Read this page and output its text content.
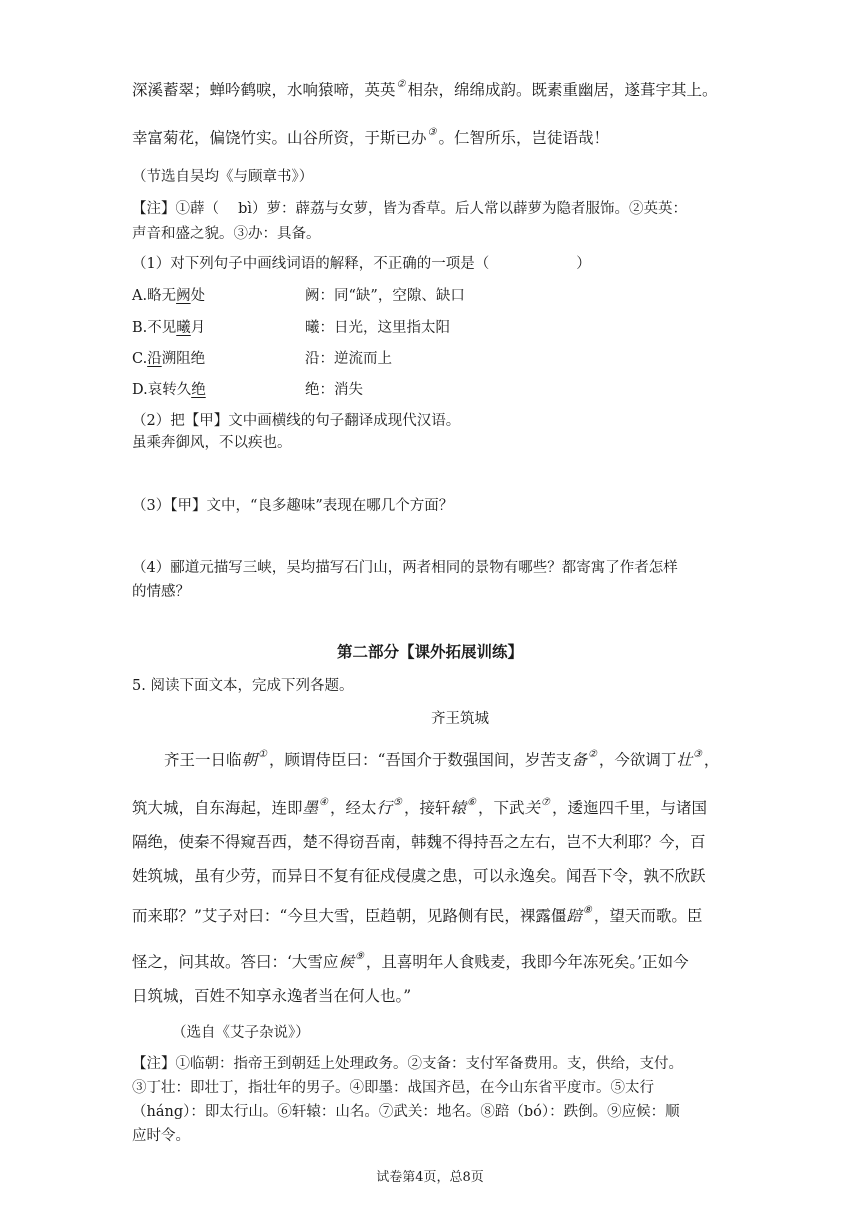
深溪蓄翠；蝉吟鹤唳，水响猿啼，英英② 相杂，绵绵成韵。既素重幽居，遂葺宇其上。
幸富菊花，偏饶竹实。山谷所资，于斯已办③ 。仁智所乐，岂徒语哉！
（节选自吴均《与顾章书》）
【注】①薜（　 bì）萝：薜荔与女萝，皆为香草。后人常以薜萝为隐者服饰。②英英：
声音和盛之貌。③办：具备。
（1）对下列句子中画线词语的解释，不正确的一项是（　　　　　　）
A.略无阙处	阙：同“缺”，空隙、缺口
B.不见曦月	曦：日光，这里指太阳
C.沿溯阻绝	沿：逆流而上
D.哀转久绝	绝：消失
（2）把【甲】文中画横线的句子翻译成现代汉语。
虽乘奔御风，不以疾也。
（3）【甲】文中，“良多趣味”表现在哪几个方面？
（4）郦道元描写三峡，吴均描写石门山，两者相同的景物有哪些？都寄寓了作者怎样
的情感？
第二部分【课外拓展训练】
5. 阅读下面文本，完成下列各题。
齐王筑城
齐王一日临朝① ，顾谓侍臣曰：“吾国介于数强国间，岁苦支备② ，今欲调丁壮③ ，
筑大城，自东海起，连即墨④ ，经太行⑤ ，接轩辕⑥ ，下武关⑦ ，逶迤四千里，与诸国
隔绝，使秦不得窥吾西，楚不得窃吾南，韩魏不得持吾之左右，岂不大利耶？今，百
姓筑城，虽有少劳，而异日不复有征戍侵虞之患，可以永逸矣。闻吾下令，孰不欣跃
而来耶？”艾子对曰：“今旦大雪，臣趋朝，见路侧有民，裸露僵踣⑧ ，望天而歌。臣
怪之，问其故。答曰：‘大雪应候⑨ ，且喜明年人食贱麦，我即今年冻死矣。’正如今
日筑城，百姓不知享永逸者当在何人也。”
（选自《艾子杂说》）
【注】①临朝：指帝王到朝廷上处理政务。②支备：支付军备费用。支，供给，支付。
③丁壮：即壮丁，指壮年的男子。④即墨：战国齐邑，在今山东省平度市。⑤太行
（háng）：即太行山。⑥轩辕：山名。⑦武关：地名。⑧踣（bó）：跌倒。⑨应候：顺
应时令。
试卷第4页，总8页
